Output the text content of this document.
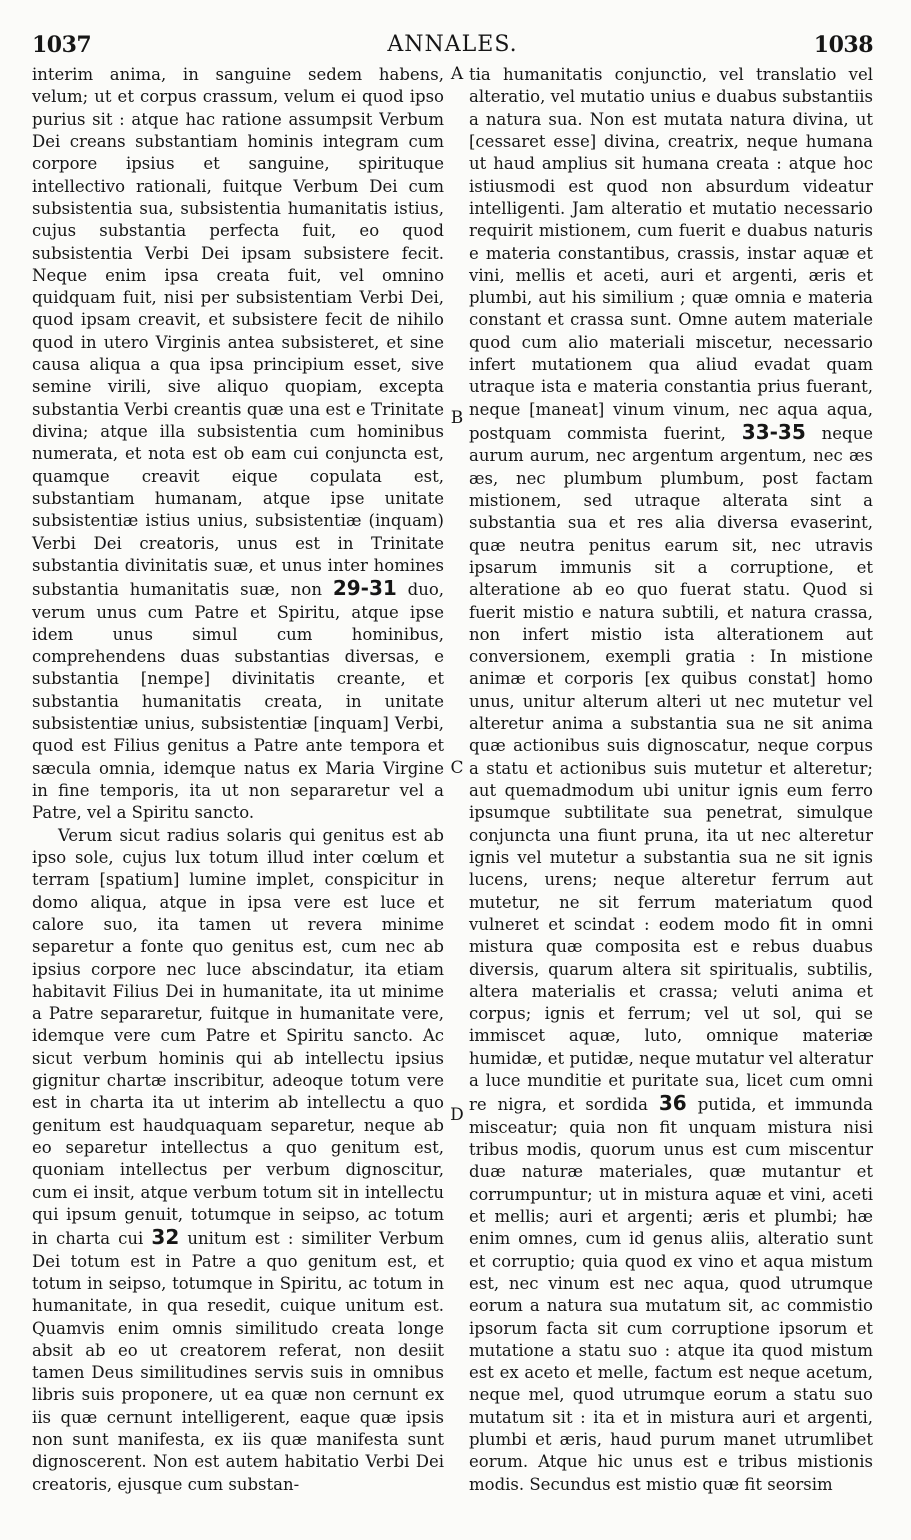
1037	ANNALES.	1038

interim anima, in sanguine sedem habens, velum; ut et corpus crassum, velum ei quod ipso purius sit : atque hac ratione assumpsit Verbum Dei creans substantiam hominis integram cum corpore ipsius et sanguine, spirituque intellectivo rationali, fuitque Verbum Dei cum subsistentia sua, subsistentia humanitatis istius, cujus substantia perfecta fuit, eo quod subsistentia Verbi Dei ipsam subsistere fecit. Neque enim ipsa creata fuit, vel omnino quidquam fuit, nisi per subsistentiam Verbi Dei, quod ipsam creavit, et subsistere fecit de nihilo quod in utero Virginis antea subsisteret, et sine causa aliqua a qua ipsa principium esset, sive semine virili, sive aliquo quopiam, excepta substantia Verbi creantis quæ una est e Trinitate divina; atque illa subsistentia cum hominibus numerata, et nota est ob eam cui conjuncta est, quamque creavit eique copulata est, substantiam humanam, atque ipse unitate subsistentiæ istius unius, subsistentiæ (inquam) Verbi Dei creatoris, unus est in Trinitate substantia divinitatis suæ, et unus inter homines substantia humanitatis suæ, non 29-31 duo, verum unus cum Patre et Spiritu, atque ipse idem unus simul cum hominibus, comprehendens duas substantias diversas, e substantia [nempe] divinitatis creante, et substantia humanitatis creata, in unitate subsistentiæ unius, subsistentiæ [inquam] Verbi, quod est Filius genitus a Patre ante tempora et sæcula omnia, idemque natus ex Maria Virgine in fine temporis, ita ut non separaretur vel a Patre, vel a Spiritu sancto.

Verum sicut radius solaris qui genitus est ab ipso sole, cujus lux totum illud inter cœlum et terram [spatium] lumine implet, conspicitur in domo aliqua, atque in ipsa vere est luce et calore suo, ita tamen ut revera minime separetur a fonte quo genitus est, cum nec ab ipsius corpore nec luce abscindatur, ita etiam habitavit Filius Dei in humanitate, ita ut minime a Patre separaretur, fuitque in humanitate vere, idemque vere cum Patre et Spiritu sancto. Ac sicut verbum hominis qui ab intellectu ipsius gignitur chartæ inscribitur, adeoque totum vere est in charta ita ut interim ab intellectu a quo genitum est haudquaquam separetur, neque ab eo separetur intellectus a quo genitum est, quoniam intellectus per verbum dignoscitur, cum ei insit, atque verbum totum sit in intellectu qui ipsum genuit, totumque in seipso, ac totum in charta cui 32 unitum est : similiter Verbum Dei totum est in Patre a quo genitum est, et totum in seipso, totumque in Spiritu, ac totum in humanitate, in qua resedit, cuique unitum est. Quamvis enim omnis similitudo creata longe absit ab eo ut creatorem referat, non desiit tamen Deus similitudines servis suis in omnibus libris suis proponere, ut ea quæ non cernunt ex iis quæ cernunt intelligerent, eaque quæ ipsis non sunt manifesta, ex iis quæ manifesta sunt dignoscerent. Non est autem habitatio Verbi Dei creatoris, ejusque cum substan-

A
B
C
D

tia humanitatis conjunctio, vel translatio vel alteratio, vel mutatio unius e duabus substantiis a natura sua. Non est mutata natura divina, ut [cessaret esse] divina, creatrix, neque humana ut haud amplius sit humana creata : atque hoc istiusmodi est quod non absurdum videatur intelligenti. Jam alteratio et mutatio necessario requirit mistionem, cum fuerit e duabus naturis e materia constantibus, crassis, instar aquæ et vini, mellis et aceti, auri et argenti, æris et plumbi, aut his similium ; quæ omnia e materia constant et crassa sunt. Omne autem materiale quod cum alio materiali miscetur, necessario infert mutationem qua aliud evadat quam utraque ista e materia constantia prius fuerant, neque [maneat] vinum vinum, nec aqua aqua, postquam commista fuerint, 33-35 neque aurum aurum, nec argentum argentum, nec æs æs, nec plumbum plumbum, post factam mistionem, sed utraque alterata sint a substantia sua et res alia diversa evaserint, quæ neutra penitus earum sit, nec utravis ipsarum immunis sit a corruptione, et alteratione ab eo quo fuerat statu. Quod si fuerit mistio e natura subtili, et natura crassa, non infert mistio ista alterationem aut conversionem, exempli gratia : In mistione animæ et corporis [ex quibus constat] homo unus, unitur alterum alteri ut nec mutetur vel alteretur anima a substantia sua ne sit anima quæ actionibus suis dignoscatur, neque corpus a statu et actionibus suis mutetur et alteretur; aut quemadmodum ubi unitur ignis eum ferro ipsumque subtilitate sua penetrat, simulque conjuncta una fiunt pruna, ita ut nec alteretur ignis vel mutetur a substantia sua ne sit ignis lucens, urens; neque alteretur ferrum aut mutetur, ne sit ferrum materiatum quod vulneret et scindat : eodem modo fit in omni mistura quæ composita est e rebus duabus diversis, quarum altera sit spiritualis, subtilis, altera materialis et crassa; veluti anima et corpus; ignis et ferrum; vel ut sol, qui se immiscet aquæ, luto, omnique materiæ humidæ, et putidæ, neque mutatur vel alteratur a luce munditie et puritate sua, licet cum omni re nigra, et sordida 36 putida, et immunda misceatur; quia non fit unquam mistura nisi tribus modis, quorum unus est cum miscentur duæ naturæ materiales, quæ mutantur et corrumpuntur; ut in mistura aquæ et vini, aceti et mellis; auri et argenti; æris et plumbi; hæ enim omnes, cum id genus aliis, alteratio sunt et corruptio; quia quod ex vino et aqua mistum est, nec vinum est nec aqua, quod utrumque eorum a natura sua mutatum sit, ac commistio ipsorum facta sit cum corruptione ipsorum et mutatione a statu suo : atque ita quod mistum est ex aceto et melle, factum est neque acetum, neque mel, quod utrumque eorum a statu suo mutatum sit : ita et in mistura auri et argenti, plumbi et æris, haud purum manet utrumlibet eorum. Atque hic unus est e tribus mistionis modis. Secundus est mistio quæ fit seorsim
